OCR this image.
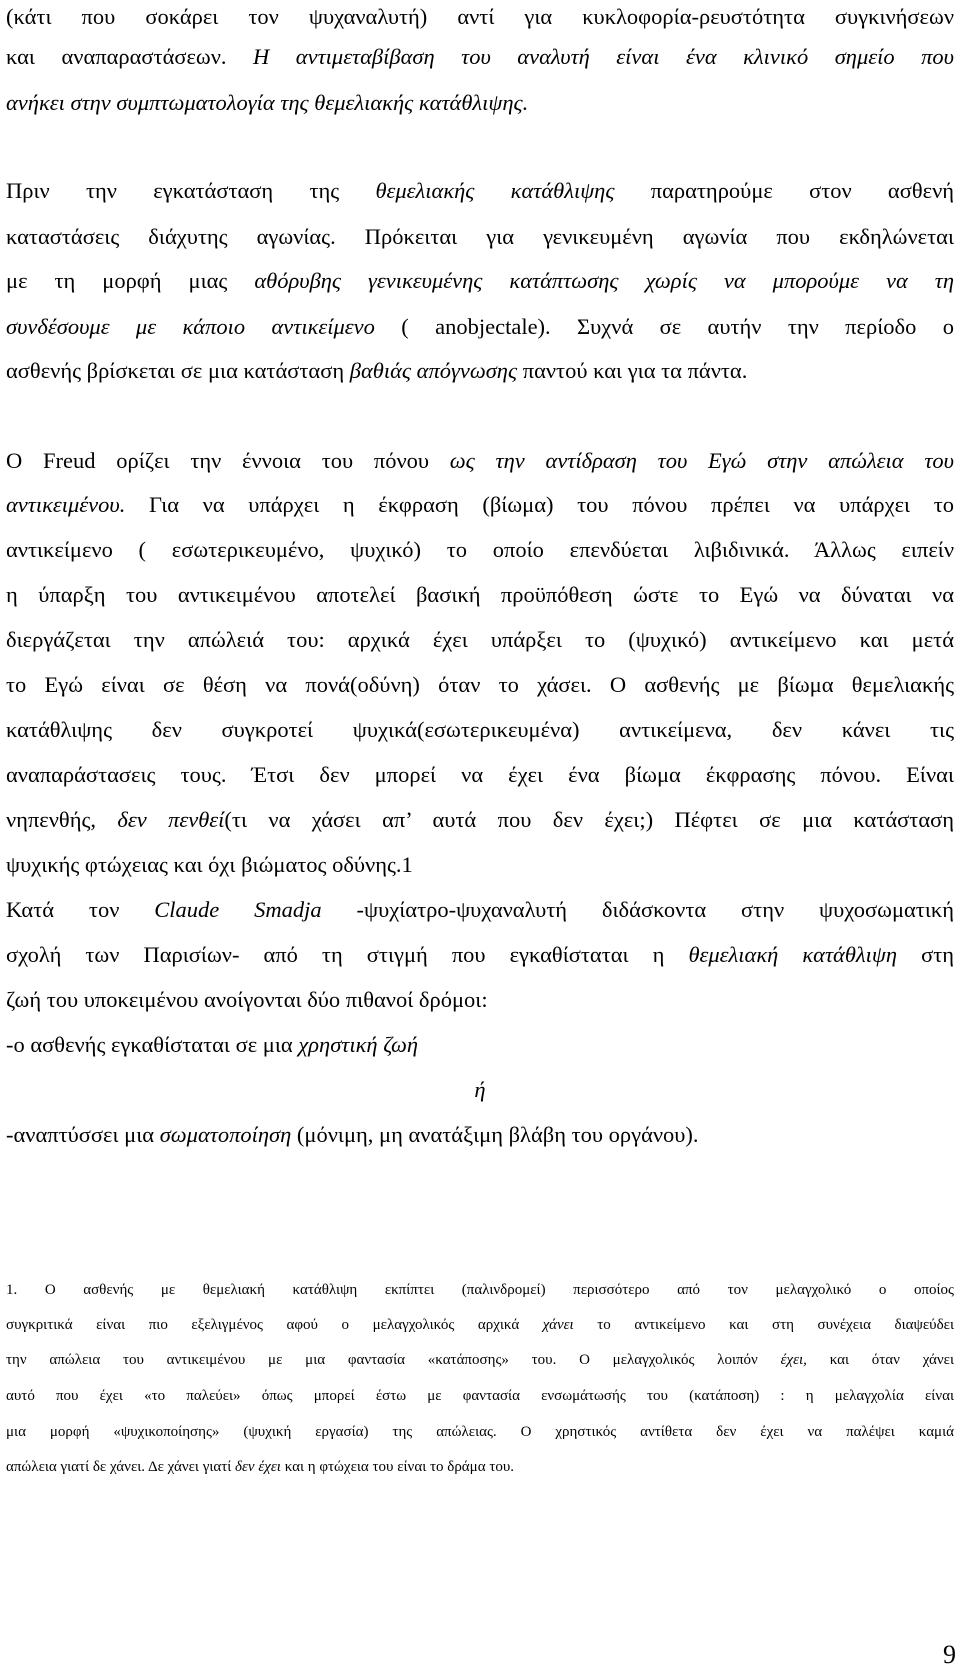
(κάτι που σοκάρει τον ψυχαναλυτή) αντί για κυκλοφορία-ρευστότητα συγκινήσεων
και αναπαραστάσεων. Η αντιμεταβίβαση του αναλυτή είναι ένα κλινικό σημείο που
ανήκει στην συμπτωματολογία της θεμελιακής κατάθλιψης.
Πριν την εγκατάσταση της θεμελιακής κατάθλιψης παρατηρούμε στον ασθενή
καταστάσεις διάχυτης αγωνίας. Πρόκειται για γενικευμένη αγωνία που εκδηλώνεται
με τη μορφή μιας αθόρυβης γενικευμένης κατάπτωσης χωρίς να μπορούμε να τη
συνδέσουμε με κάποιο αντικείμενο ( anobjectale). Συχνά σε αυτήν την περίοδο ο
ασθενής βρίσκεται σε μια κατάσταση βαθιάς απόγνωσης παντού και για τα πάντα.
O Freud ορίζει την έννοια του πόνου ως την αντίδραση του Εγώ στην απώλεια του
αντικειμένου. Για να υπάρχει η έκφραση (βίωμα) του πόνου πρέπει να υπάρχει το
αντικείμενο ( εσωτερικευμένο, ψυχικό) το οποίο επενδύεται λιβιδινικά. Άλλως ειπείν
η ύπαρξη του αντικειμένου αποτελεί βασική προϋπόθεση ώστε το Εγώ να δύναται να
διεργάζεται την απώλειά του: αρχικά έχει υπάρξει το (ψυχικό) αντικείμενο και μετά
το Εγώ είναι σε θέση να πονά(οδύνη) όταν το χάσει. Ο ασθενής με βίωμα θεμελιακής
κατάθλιψης δεν συγκροτεί ψυχικά(εσωτερικευμένα) αντικείμενα, δεν κάνει τις
αναπαράστασεις τους. Έτσι δεν μπορεί να έχει ένα βίωμα έκφρασης πόνου. Είναι
νηπενθής, δεν πενθεί(τι να χάσει απ’ αυτά που δεν έχει;) Πέφτει σε μια κατάσταση
ψυχικής φτώχειας και όχι βιώματος οδύνης.1
Κατά τον Claude Smadja -ψυχίατρο-ψυχαναλυτή διδάσκοντα στην ψυχοσωματική
σχολή των Παρισίων- από τη στιγμή που εγκαθίσταται η θεμελιακή κατάθλιψη στη
ζωή του υποκειμένου ανοίγονται δύο πιθανοί δρόμοι:
-ο ασθενής εγκαθίσταται σε μια χρηστική ζωή
ή
-αναπτύσσει μια σωματοποίηση (μόνιμη, μη ανατάξιμη βλάβη του οργάνου).
1. Ο ασθενής με θεμελιακή κατάθλιψη εκπίπτει (παλινδρομεί) περισσότερο από τον μελαγχολικό ο οποίος
συγκριτικά είναι πιο εξελιγμένος αφού ο μελαγχολικός αρχικά χάνει το αντικείμενο και στη συνέχεια διαψεύδει
την απώλεια του αντικειμένου με μια φαντασία «κατάποσης» του. Ο μελαγχολικός λοιπόν έχει, και όταν χάνει
αυτό που έχει «το παλεύει» όπως μπορεί έστω με φαντασία ενσωμάτωσής του (κατάποση) : η μελαγχολία είναι
μια μορφή «ψυχικοποίησης» (ψυχική εργασία) της απώλειας. Ο χρηστικός αντίθετα δεν έχει να παλέψει καμιά
απώλεια γιατί δε χάνει. Δε χάνει γιατί δεν έχει και η φτώχεια του είναι το δράμα του.
9
